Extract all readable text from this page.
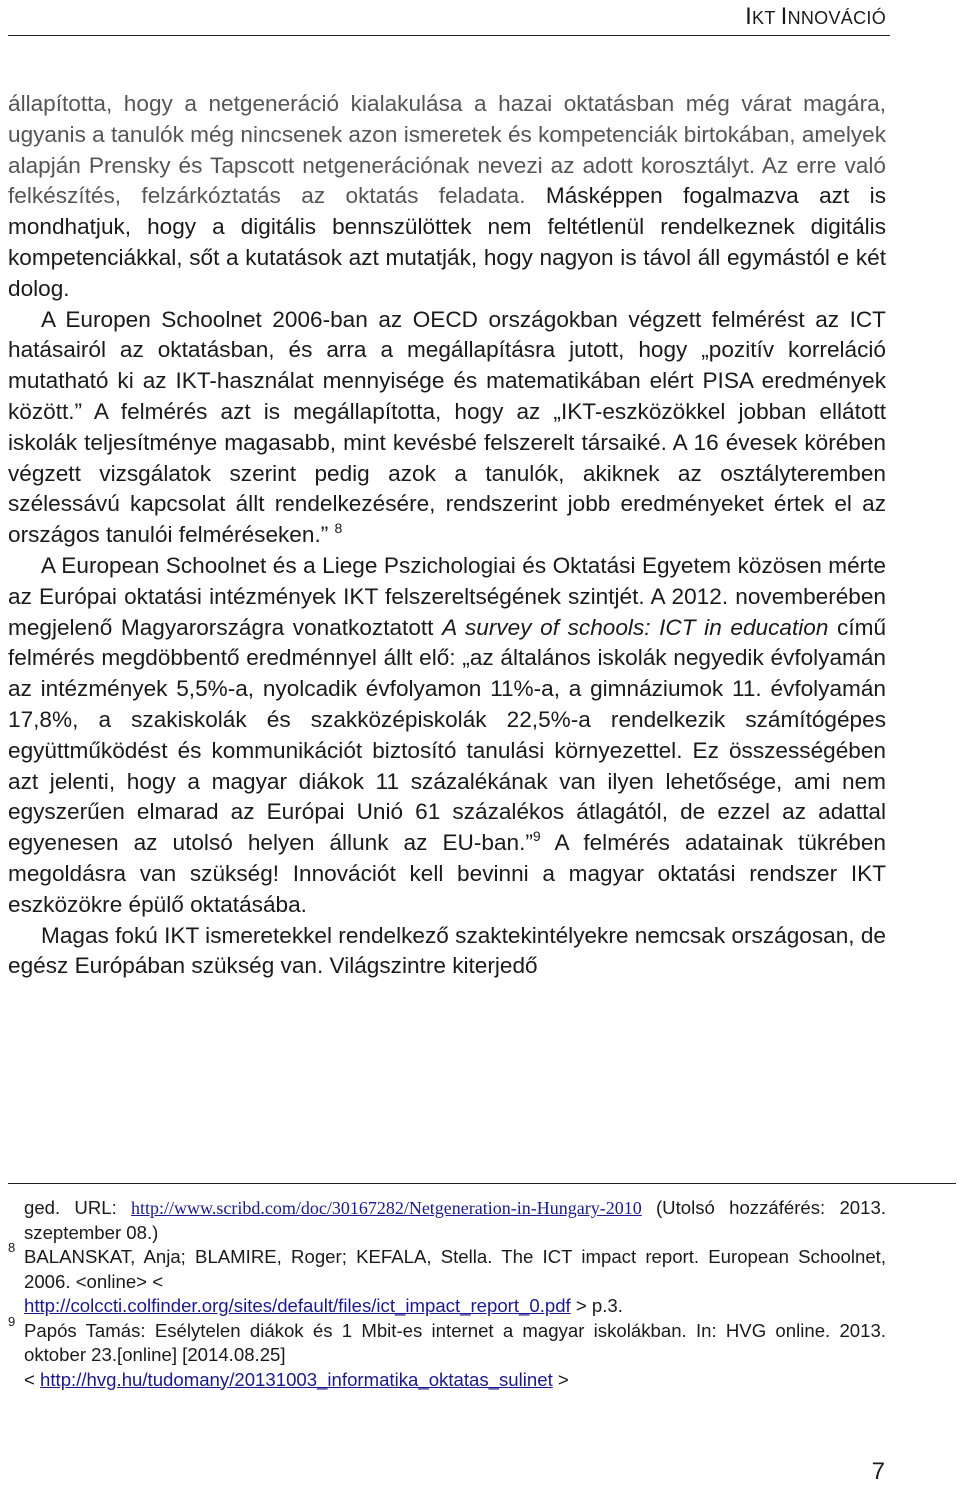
IKT INNOVÁCIÓ

állapította, hogy a netgeneráció kialakulása a hazai oktatásban még várat magára, ugyanis a tanulók még nincsenek azon ismeretek és kompetenciák birtokában, amelyek alapján Prensky és Tapscott netgenerációnak nevezi az adott korosztályt. Az erre való felkészítés, felzárkóztatás az oktatás feladata. Másképpen fogalmazva azt is mondhatjuk, hogy a digitális bennszülöttek nem feltétlenül rendelkeznek digitális kompetenciákkal, sőt a kutatások azt mutatják, hogy nagyon is távol áll egymástól e két dolog.

A Europen Schoolnet 2006-ban az OECD országokban végzett felmérést az ICT hatásairól az oktatásban, és arra a megállapításra jutott, hogy „pozitív korreláció mutatható ki az IKT-használat mennyisége és matematikában elért PISA eredmények között.” A felmérés azt is megállapította, hogy az „IKT-eszközökkel jobban ellátott iskolák teljesítménye magasabb, mint kevésbé felszerelt társaiké. A 16 évesek körében végzett vizsgálatok szerint pedig azok a tanulók, akiknek az osztályteremben szélessávú kapcsolat állt rendelkezésére, rendszerint jobb eredményeket értek el az országos tanulói felméréseken.” $^8$

A European Schoolnet és a Liege Pszichologiai és Oktatási Egyetem közösen mérte az Európai oktatási intézmények IKT felszereltségének szintjét. A 2012. novemberében megjelenő Magyarországra vonatkoztatott A survey of schools: ICT in education című felmérés megdöbbentő eredménnyel állt elő: „az általános iskolák negyedik évfolyamán az intézmények 5,5%-a, nyolcadik évfolyamon 11%-a, a gimnáziumok 11. évfolyamán 17,8%, a szakiskolák és szakközépiskolák 22,5%-a rendelkezik számítógépes együttműködést és kommunikációt biztosító tanulási környezettel. Ez összességében azt jelenti, hogy a magyar diákok 11 százalékának van ilyen lehetősége, ami nem egyszerűen elmarad az Európai Unió 61 százalékos átlagától, de ezzel az adattal egyenesen az utolsó helyen állunk az EU-ban.”$^9$ A felmérés adatainak tükrében megoldásra van szükség! Innovációt kell bevinni a magyar oktatási rendszer IKT eszközökre épülő oktatásába.

Magas fokú IKT ismeretekkel rendelkező szaktekintélyekre nemcsak országosan, de egész Európában szükség van. Világszintre kiterjedő

ged. URL: http://www.scribd.com/doc/30167282/Netgeneration-in-Hungary-2010 (Utolsó hozzáférés: 2013. szeptember 08.)
8 BALANSKAT, Anja; BLAMIRE, Roger; KEFALA, Stella. The ICT impact report. European Schoolnet, 2006. <online> <
http://colccti.colfinder.org/sites/default/files/ict_impact_report_0.pdf > p.3.
9 Papós Tamás: Esélytelen diákok és 1 Mbit-es internet a magyar iskolákban. In: HVG online. 2013. oktober 23.[online] [2014.08.25]
< http://hvg.hu/tudomany/20131003_informatika_oktatas_sulinet >
7
